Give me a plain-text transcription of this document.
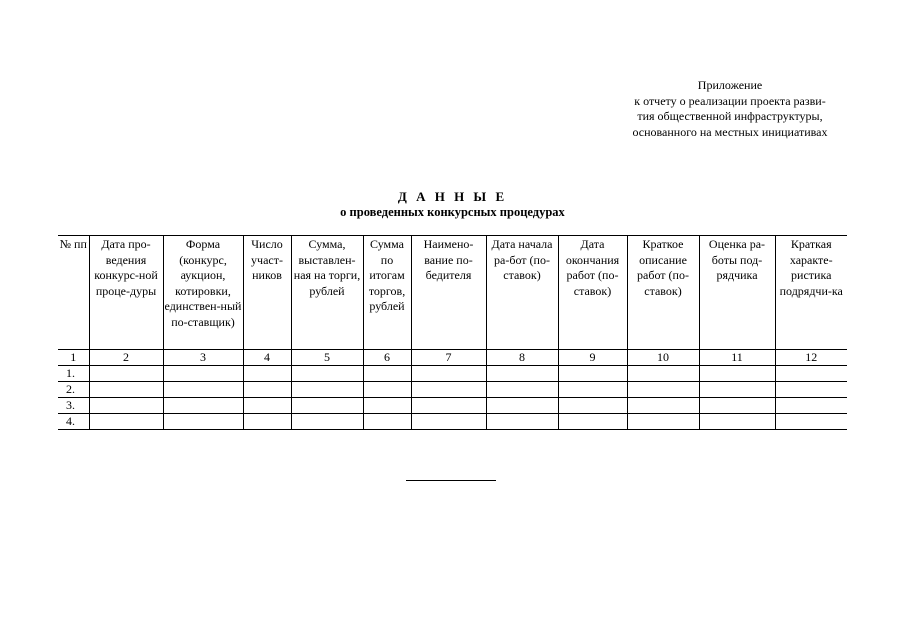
Приложение
к отчету о реализации проекта разви-
тия общественной инфраструктуры,
основанного на местных инициативах
Д А Н Н Ы Е
о проведенных конкурсных процедурах
№ пп	Дата про-ведения конкурс-ной проце-дуры	Форма (конкурс, аукцион, котировки, единствен-ный по-ставщик)	Число участ-ников	Сумма, выставлен-ная на торги, рублей	Сумма по итогам торгов, рублей	Наимено-вание по-бедителя	Дата начала ра-бот (по-ставок)	Дата окончания работ (по-ставок)	Краткое описание работ (по-ставок)	Оценка ра-боты под-рядчика	Краткая характе-ристика подрядчи-ка
1	2	3	4	5	6	7	8	9	10	11	12
1.											
2.											
3.											
4.											
